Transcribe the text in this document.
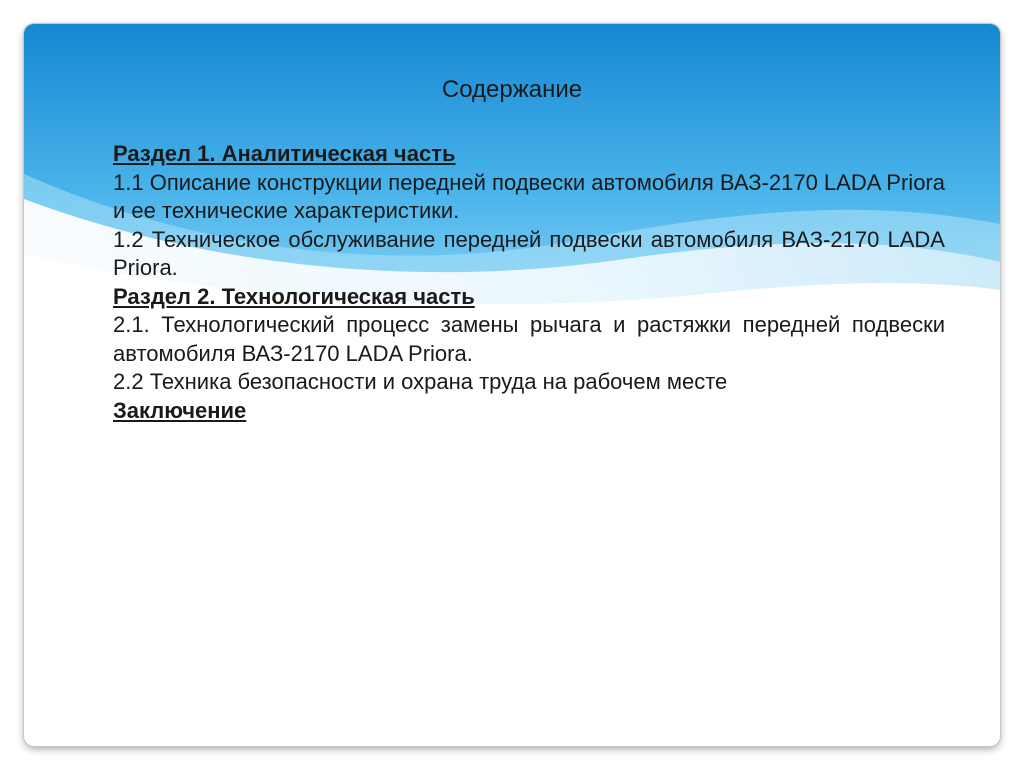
Содержание

Раздел 1. Аналитическая часть

1.1 Описание конструкции передней подвески автомобиля ВАЗ-2170 LADA Priora и ее технические характеристики.

1.2 Техническое обслуживание передней подвески автомобиля ВАЗ-2170 LADA Priora.

Раздел 2. Технологическая часть

2.1. Технологический процесс замены рычага и растяжки передней подвески автомобиля ВАЗ-2170 LADA Priora.

2.2 Техника безопасности и охрана труда на рабочем месте

Заключение
